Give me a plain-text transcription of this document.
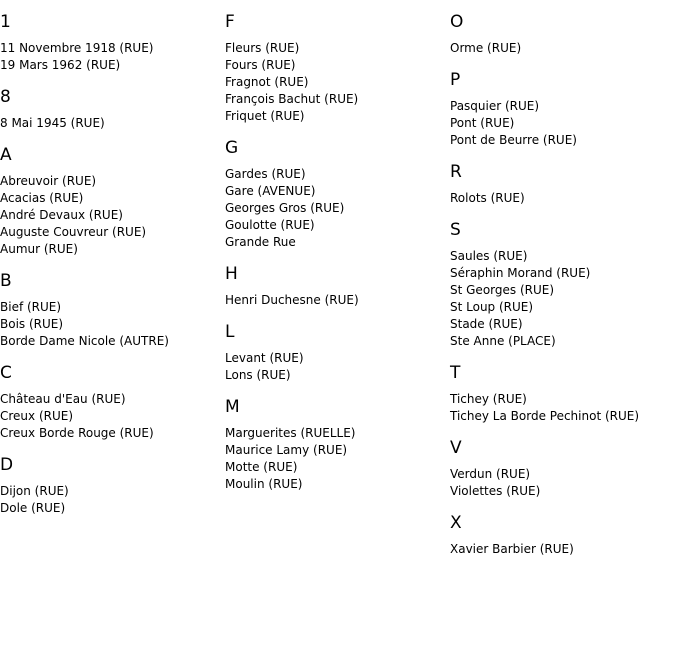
1
11 Novembre 1918 (RUE)
19 Mars 1962 (RUE)
8
8 Mai 1945 (RUE)
A
Abreuvoir (RUE)
Acacias (RUE)
André Devaux (RUE)
Auguste Couvreur (RUE)
Aumur (RUE)
B
Bief (RUE)
Bois (RUE)
Borde Dame Nicole (AUTRE)
C
Château d'Eau (RUE)
Creux (RUE)
Creux Borde Rouge (RUE)
D
Dijon (RUE)
Dole (RUE)
F
Fleurs (RUE)
Fours (RUE)
Fragnot (RUE)
François Bachut (RUE)
Friquet (RUE)
G
Gardes (RUE)
Gare (AVENUE)
Georges Gros (RUE)
Goulotte (RUE)
Grande Rue
H
Henri Duchesne (RUE)
L
Levant (RUE)
Lons (RUE)
M
Marguerites (RUELLE)
Maurice Lamy (RUE)
Motte (RUE)
Moulin (RUE)
O
Orme (RUE)
P
Pasquier (RUE)
Pont (RUE)
Pont de Beurre (RUE)
R
Rolots (RUE)
S
Saules (RUE)
Séraphin Morand (RUE)
St Georges (RUE)
St Loup (RUE)
Stade (RUE)
Ste Anne (PLACE)
T
Tichey (RUE)
Tichey La Borde Pechinot (RUE)
V
Verdun (RUE)
Violettes (RUE)
X
Xavier Barbier (RUE)
